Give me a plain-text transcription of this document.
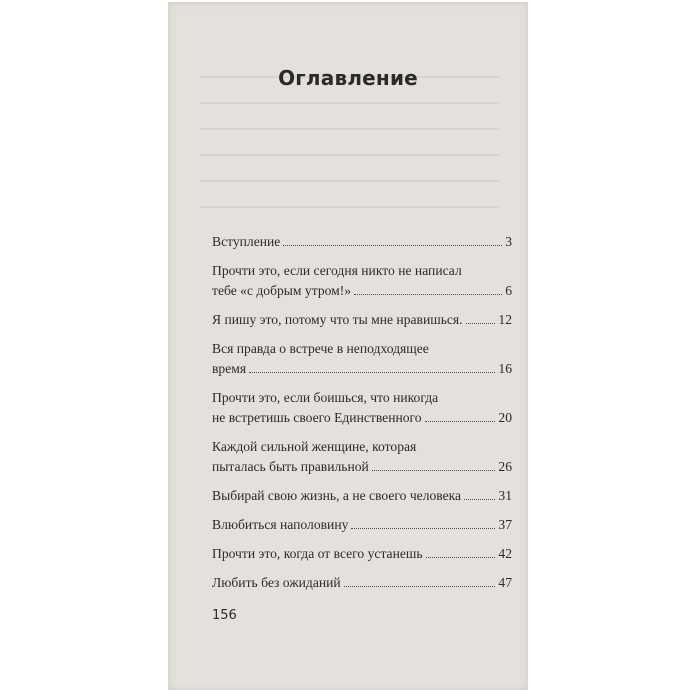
Оглавление
Вступление	3
Прочти это, если сегодня никто не написал
тебе «с добрым утром!»	6
Я пишу это, потому что ты мне нравишься.	12
Вся правда о встрече в неподходящее
время	16
Прочти это, если боишься, что никогда
не встретишь своего Единственного	20
Каждой сильной женщине, которая
пыталась быть правильной	26
Выбирай свою жизнь, а не своего человека	31
Влюбиться наполовину	37
Прочти это, когда от всего устанешь	42
Любить без ожиданий	47
156
